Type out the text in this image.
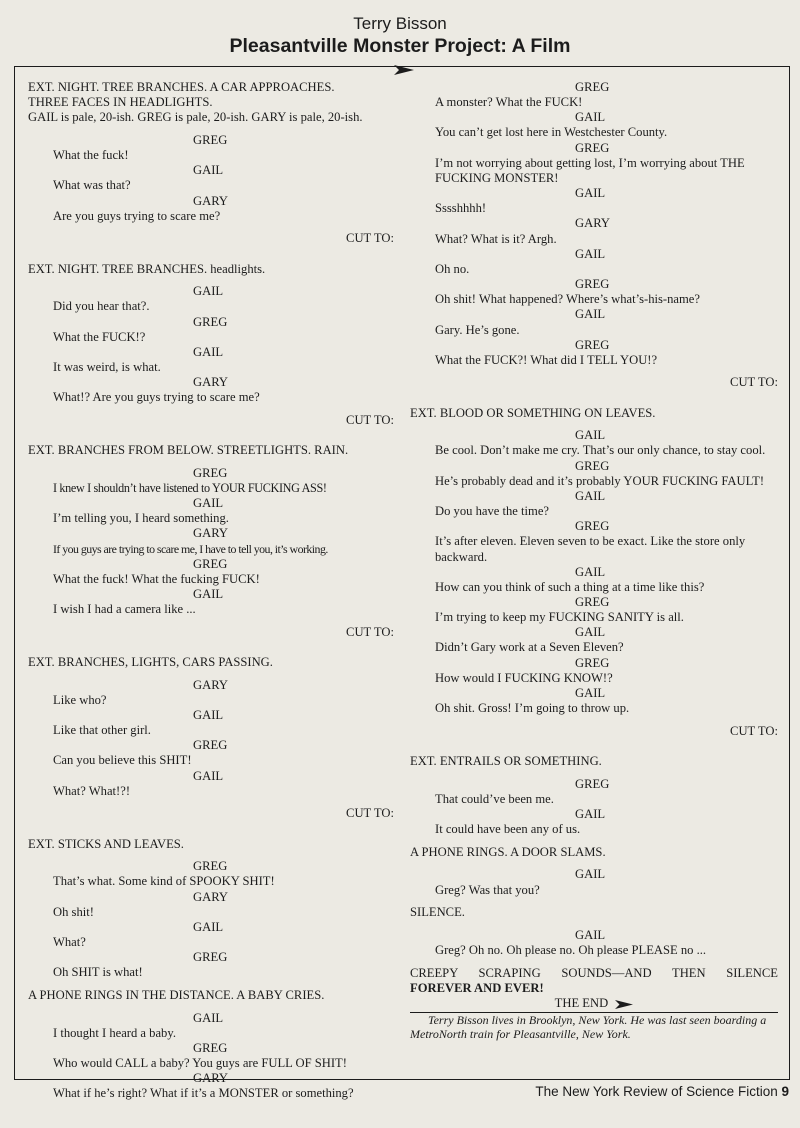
Terry Bisson
Pleasantville Monster Project: A Film
EXT. NIGHT. TREE BRANCHES. A CAR APPROACHES.
THREE FACES IN HEADLIGHTS.
GAIL is pale, 20-ish. GREG is pale, 20-ish. GARY is pale, 20-ish.
GREG
What the fuck!
GAIL
What was that?
GARY
Are you guys trying to scare me?
CUT TO:
EXT. NIGHT. TREE BRANCHES. headlights.
GAIL
Did you hear that?.
GREG
What the FUCK!?
GAIL
It was weird, is what.
GARY
What!? Are you guys trying to scare me?
CUT TO:
EXT. BRANCHES FROM BELOW. STREETLIGHTS. RAIN.
GREG
I knew I shouldn’t have listened to YOUR FUCKING ASS!
GAIL
I’m telling you, I heard something.
GARY
If you guys are trying to scare me, I have to tell you, it’s working.
GREG
What the fuck! What the fucking FUCK!
GAIL
I wish I had a camera like ...
CUT TO:
EXT. BRANCHES, LIGHTS, CARS PASSING.
GARY
Like who?
GAIL
Like that other girl.
GREG
Can you believe this SHIT!
GAIL
What? What!?!
CUT TO:
EXT. STICKS AND LEAVES.
GREG
That’s what. Some kind of SPOOKY SHIT!
GARY
Oh shit!
GAIL
What?
GREG
Oh SHIT is what!
A PHONE RINGS IN THE DISTANCE. A BABY CRIES.
GAIL
I thought I heard a baby.
GREG
Who would CALL a baby? You guys are FULL OF SHIT!
GARY
What if he’s right? What if it’s a MONSTER or something?
GREG
A monster? What the FUCK!
GAIL
You can’t get lost here in Westchester County.
GREG
I’m not worrying about getting lost, I’m worrying about THE FUCKING MONSTER!
GAIL
Sssshhhh!
GARY
What? What is it? Argh.
GAIL
Oh no.
GREG
Oh shit! What happened? Where’s what’s-his-name?
GAIL
Gary. He’s gone.
GREG
What the FUCK?! What did I TELL YOU!?
CUT TO:
EXT. BLOOD OR SOMETHING ON LEAVES.
GAIL
Be cool. Don’t make me cry. That’s our only chance, to stay cool.
GREG
He’s probably dead and it’s probably YOUR FUCKING FAULT!
GAIL
Do you have the time?
GREG
It’s after eleven. Eleven seven to be exact. Like the store only backward.
GAIL
How can you think of such a thing at a time like this?
GREG
I’m trying to keep my FUCKING SANITY is all.
GAIL
Didn’t Gary work at a Seven Eleven?
GREG
How would I FUCKING KNOW!?
GAIL
Oh shit. Gross! I’m going to throw up.
CUT TO:
EXT. ENTRAILS OR SOMETHING.
GREG
That could’ve been me.
GAIL
It could have been any of us.
A PHONE RINGS. A DOOR SLAMS.
GAIL
Greg? Was that you?
SILENCE.
GAIL
Greg? Oh no. Oh please no. Oh please PLEASE no ...
CREEPY SCRAPING SOUNDS—AND THEN SILENCE
FOREVER AND EVER!
THE END
Terry Bisson lives in Brooklyn, New York. He was last seen boarding a MetroNorth train for Pleasantville, New York.
The New York Review of Science Fiction 9
